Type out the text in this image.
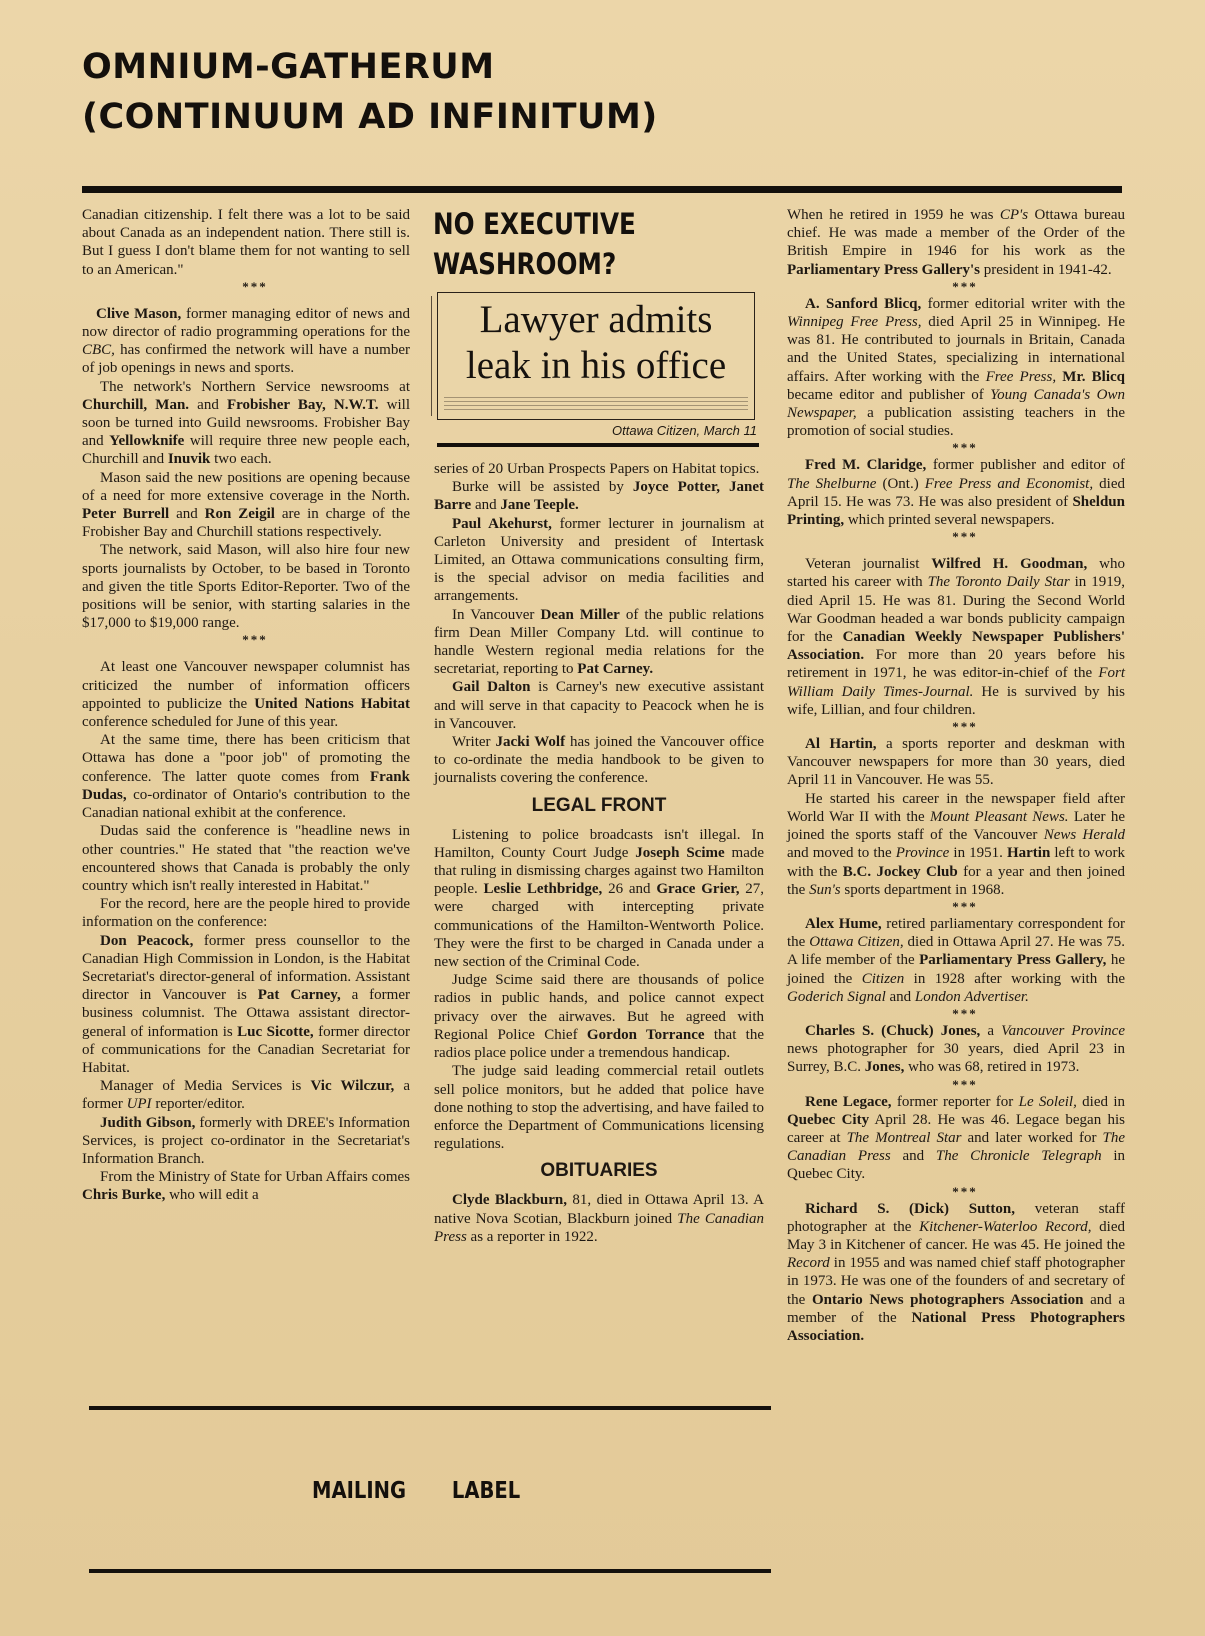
OMNIUM-GATHERUM
(CONTINUUM AD INFINITUM)

Canadian citizenship. I felt there was a lot to be said about Canada as an independent nation. There still is. But I guess I don't blame them for not wanting to sell to an American."

***

Clive Mason, former managing editor of news and now director of radio programming operations for the CBC, has confirmed the network will have a number of job openings in news and sports.

The network's Northern Service newsrooms at Churchill, Man. and Frobisher Bay, N.W.T. will soon be turned into Guild newsrooms. Frobisher Bay and Yellowknife will require three new people each, Churchill and Inuvik two each.

Mason said the new positions are opening because of a need for more extensive coverage in the North. Peter Burrell and Ron Zeigil are in charge of the Frobisher Bay and Churchill stations respectively.

The network, said Mason, will also hire four new sports journalists by October, to be based in Toronto and given the title Sports Editor-Reporter. Two of the positions will be senior, with starting salaries in the $17,000 to $19,000 range.

***

At least one Vancouver newspaper columnist has criticized the number of information officers appointed to publicize the United Nations Habitat conference scheduled for June of this year.

At the same time, there has been criticism that Ottawa has done a "poor job" of promoting the conference. The latter quote comes from Frank Dudas, co-ordinator of Ontario's contribution to the Canadian national exhibit at the conference.

Dudas said the conference is "headline news in other countries." He stated that "the reaction we've encountered shows that Canada is probably the only country which isn't really interested in Habitat."

For the record, here are the people hired to provide information on the conference:

Don Peacock, former press counsellor to the Canadian High Commission in London, is the Habitat Secretariat's director-general of information. Assistant director in Vancouver is Pat Carney, a former business columnist. The Ottawa assistant director-general of information is Luc Sicotte, former director of communications for the Canadian Secretariat for Habitat.

Manager of Media Services is Vic Wilczur, a former UPI reporter/editor.

Judith Gibson, formerly with DREE's Information Services, is project co-ordinator in the Secretariat's Information Branch.

From the Ministry of State for Urban Affairs comes Chris Burke, who will edit a

NO EXECUTIVE
WASHROOM?
Lawyer admits
leak in his office
Ottawa Citizen, March 11

series of 20 Urban Prospects Papers on Habitat topics.

Burke will be assisted by Joyce Potter, Janet Barre and Jane Teeple.

Paul Akehurst, former lecturer in journalism at Carleton University and president of Intertask Limited, an Ottawa communications consulting firm, is the special advisor on media facilities and arrangements.

In Vancouver Dean Miller of the public relations firm Dean Miller Company Ltd. will continue to handle Western regional media relations for the secretariat, reporting to Pat Carney.

Gail Dalton is Carney's new executive assistant and will serve in that capacity to Peacock when he is in Vancouver.

Writer Jacki Wolf has joined the Vancouver office to co-ordinate the media handbook to be given to journalists covering the conference.

LEGAL FRONT

Listening to police broadcasts isn't illegal. In Hamilton, County Court Judge Joseph Scime made that ruling in dismissing charges against two Hamilton people. Leslie Lethbridge, 26 and Grace Grier, 27, were charged with intercepting private communications of the Hamilton-Wentworth Police. They were the first to be charged in Canada under a new section of the Criminal Code.

Judge Scime said there are thousands of police radios in public hands, and police cannot expect privacy over the airwaves. But he agreed with Regional Police Chief Gordon Torrance that the radios place police under a tremendous handicap.

The judge said leading commercial retail outlets sell police monitors, but he added that police have done nothing to stop the advertising, and have failed to enforce the Department of Communications licensing regulations.

OBITUARIES

Clyde Blackburn, 81, died in Ottawa April 13. A native Nova Scotian, Blackburn joined The Canadian Press as a reporter in 1922.

When he retired in 1959 he was CP's Ottawa bureau chief. He was made a member of the Order of the British Empire in 1946 for his work as the Parliamentary Press Gallery's president in 1941-42.

***

A. Sanford Blicq, former editorial writer with the Winnipeg Free Press, died April 25 in Winnipeg. He was 81. He contributed to journals in Britain, Canada and the United States, specializing in international affairs. After working with the Free Press, Mr. Blicq became editor and publisher of Young Canada's Own Newspaper, a publication assisting teachers in the promotion of social studies.

***

Fred M. Claridge, former publisher and editor of The Shelburne (Ont.) Free Press and Economist, died April 15. He was 73. He was also president of Sheldun Printing, which printed several newspapers.

***

Veteran journalist Wilfred H. Goodman, who started his career with The Toronto Daily Star in 1919, died April 15. He was 81. During the Second World War Goodman headed a war bonds publicity campaign for the Canadian Weekly Newspaper Publishers' Association. For more than 20 years before his retirement in 1971, he was editor-in-chief of the Fort William Daily Times-Journal. He is survived by his wife, Lillian, and four children.

***

Al Hartin, a sports reporter and deskman with Vancouver newspapers for more than 30 years, died April 11 in Vancouver. He was 55.

He started his career in the newspaper field after World War II with the Mount Pleasant News. Later he joined the sports staff of the Vancouver News Herald and moved to the Province in 1951. Hartin left to work with the B.C. Jockey Club for a year and then joined the Sun's sports department in 1968.

***

Alex Hume, retired parliamentary correspondent for the Ottawa Citizen, died in Ottawa April 27. He was 75. A life member of the Parliamentary Press Gallery, he joined the Citizen in 1928 after working with the Goderich Signal and London Advertiser.

***

Charles S. (Chuck) Jones, a Vancouver Province news photographer for 30 years, died April 23 in Surrey, B.C. Jones, who was 68, retired in 1973.

***

Rene Legace, former reporter for Le Soleil, died in Quebec City April 28. He was 46. Legace began his career at The Montreal Star and later worked for The Canadian Press and The Chronicle Telegraph in Quebec City.

***

Richard S. (Dick) Sutton, veteran staff photographer at the Kitchener-Waterloo Record, died May 3 in Kitchener of cancer. He was 45. He joined the Record in 1955 and was named chief staff photographer in 1973. He was one of the founders of and secretary of the Ontario News photographers Association and a member of the National Press Photographers Association.

MAILING LABEL
